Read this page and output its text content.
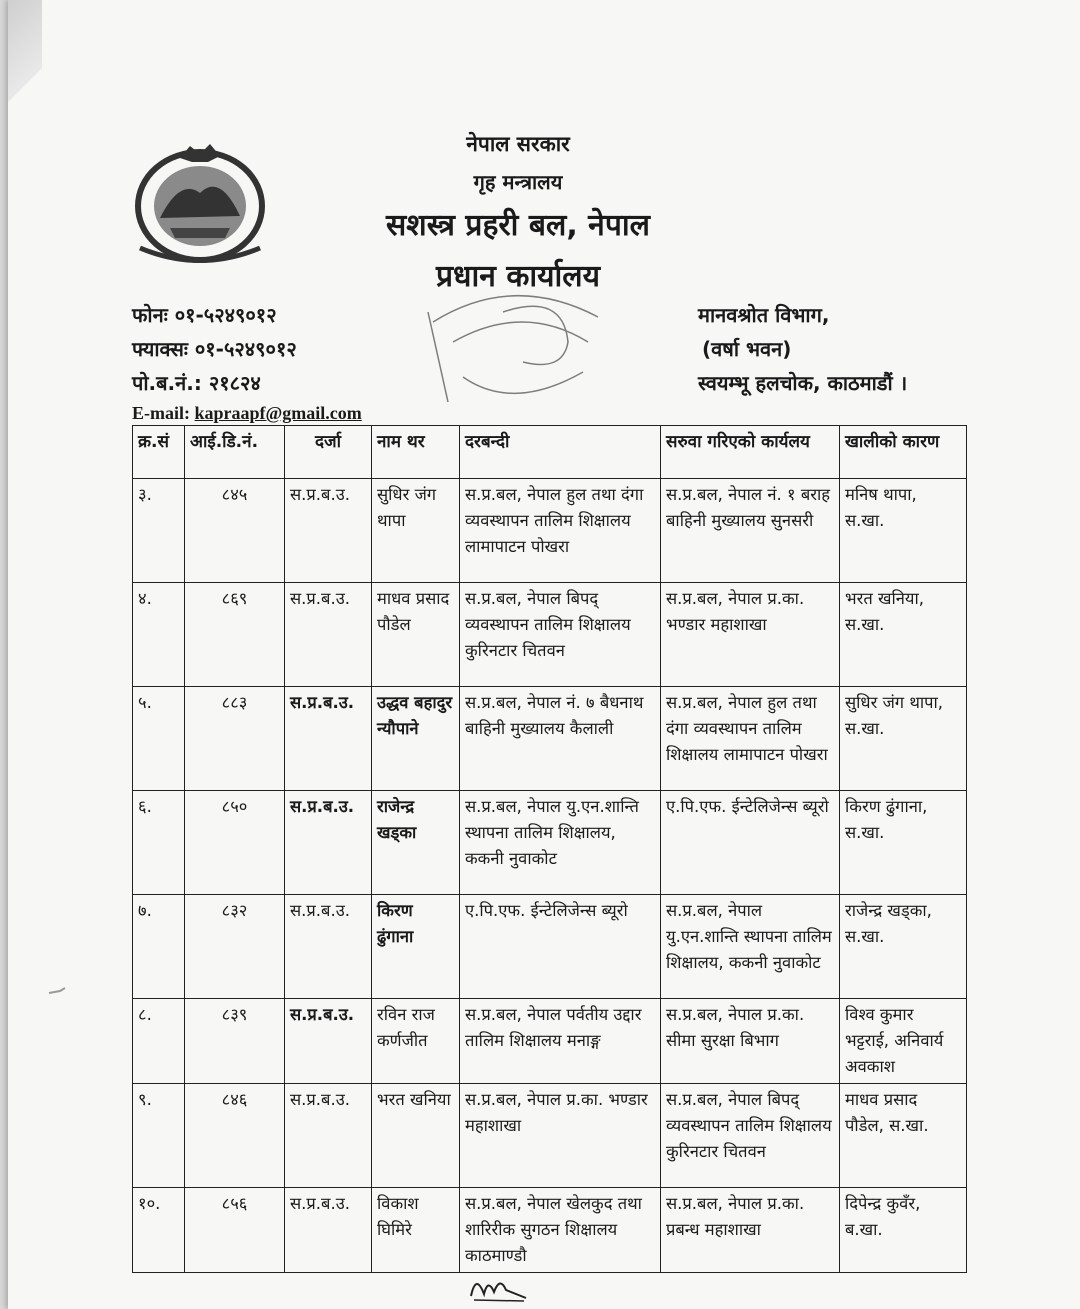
नेपाल सरकार
गृह मन्त्रालय
सशस्त्र प्रहरी बल, नेपाल
प्रधान कार्यालय
फोनः ०१-५२४९०१२
फ्याक्सः ०१-५२४९०१२
पो.ब.नं.: २१८२४
E-mail: kapraapf@gmail.com
मानवश्रोत विभाग,
(वर्षा भवन)
स्वयम्भू हलचोक, काठमाडौं ।
क्र.सं	आई.डि.नं.	दर्जा	नाम थर	दरबन्दी	सरुवा गरिएको कार्यलय	खालीको कारण
३.	८४५	स.प्र.ब.उ.	सुधिर जंग थापा	स.प्र.बल, नेपाल हुल तथा दंगा व्यवस्थापन तालिम शिक्षालय लामापाटन पोखरा	स.प्र.बल, नेपाल नं. १ बराह बाहिनी मुख्यालय सुनसरी	मनिष थापा, स.खा.
४.	८६९	स.प्र.ब.उ.	माधव प्रसाद पौडेल	स.प्र.बल, नेपाल बिपद् व्यवस्थापन तालिम शिक्षालय कुरिनटार चितवन	स.प्र.बल, नेपाल प्र.का. भण्डार महाशाखा	भरत खनिया, स.खा.
५.	८८३	स.प्र.ब.उ.	उद्धव बहादुर न्यौपाने	स.प्र.बल, नेपाल नं. ७ बैधनाथ बाहिनी मुख्यालय कैलाली	स.प्र.बल, नेपाल हुल तथा दंगा व्यवस्थापन तालिम शिक्षालय लामापाटन पोखरा	सुधिर जंग थापा, स.खा.
६.	८५०	स.प्र.ब.उ.	राजेन्द्र खड्का	स.प्र.बल, नेपाल यु.एन.शान्ति स्थापना तालिम शिक्षालय, ककनी नुवाकोट	ए.पि.एफ. ईन्टेलिजेन्स ब्यूरो	किरण ढुंगाना, स.खा.
७.	८३२	स.प्र.ब.उ.	किरण ढुंगाना	ए.पि.एफ. ईन्टेलिजेन्स ब्यूरो	स.प्र.बल, नेपाल यु.एन.शान्ति स्थापना तालिम शिक्षालय, ककनी नुवाकोट	राजेन्द्र खड्का, स.खा.
८.	८३९	स.प्र.ब.उ.	रविन राज कर्णजीत	स.प्र.बल, नेपाल पर्वतीय उद्दार तालिम शिक्षालय मनाङ्ग	स.प्र.बल, नेपाल प्र.का. सीमा सुरक्षा बिभाग	विश्व कुमार भट्टराई, अनिवार्य अवकाश
९.	८४६	स.प्र.ब.उ.	भरत खनिया	स.प्र.बल, नेपाल प्र.का. भण्डार महाशाखा	स.प्र.बल, नेपाल बिपद् व्यवस्थापन तालिम शिक्षालय कुरिनटार चितवन	माधव प्रसाद पौडेल, स.खा.
१०.	८५६	स.प्र.ब.उ.	विकाश घिमिरे	स.प्र.बल, नेपाल खेलकुद तथा शारिरीक सुगठन शिक्षालय काठमाण्डौ	स.प्र.बल, नेपाल प्र.का. प्रबन्ध महाशाखा	दिपेन्द्र कुवँर, ब.खा.
